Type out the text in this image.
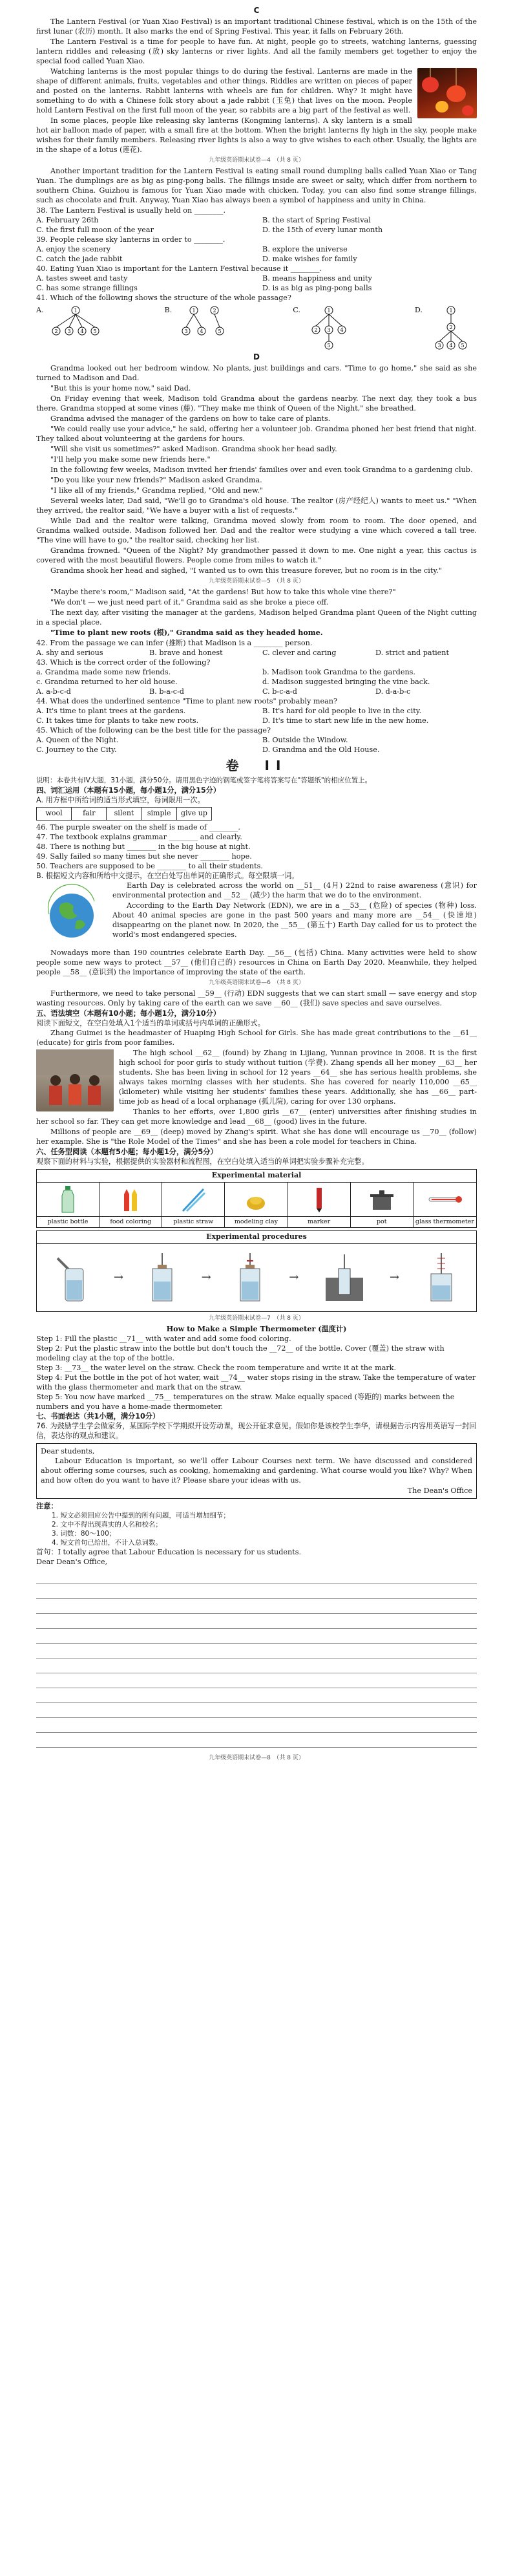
C

The Lantern Festival (or Yuan Xiao Festival) is an important traditional Chinese festival, which is on the 15th of the first lunar (农历) month. It also marks the end of Spring Festival. This year, it falls on February 26th.

The Lantern Festival is a time for people to have fun. At night, people go to streets, watching lanterns, guessing lantern riddles and releasing (放) sky lanterns or river lights. And all the family members get together to enjoy the special food called Yuan Xiao.

Watching lanterns is the most popular things to do during the festival. Lanterns are made in the shape of different animals, fruits, vegetables and other things. Riddles are written on pieces of paper and posted on the lanterns. Rabbit lanterns with wheels are fun for children. Why? It might have something to do with a Chinese folk story about a jade rabbit (玉兔) that lives on the moon. People hold Lantern Festival on the first full moon of the year, so rabbits are a big part of the festival as well.

In some places, people like releasing sky lanterns (Kongming lanterns). A sky lantern is a small hot air balloon made of paper, with a small fire at the bottom. When the bright lanterns fly high in the sky, people make wishes for their family members. Releasing river lights is also a way to give wishes to each other. Usually, the lights are in the shape of a lotus (莲花).

九年级英语期末试卷—4　（共 8 页）

Another important tradition for the Lantern Festival is eating small round dumpling balls called Yuan Xiao or Tang Yuan. The dumplings are as big as ping-pong balls. The fillings inside are sweet or salty, which differ from northern to southern China. Guizhou is famous for Yuan Xiao made with chicken. Today, you can also find some strange fillings, such as chocolate and fruit. Anyway, Yuan Xiao has always been a symbol of happiness and unity in China.

38. The Lantern Festival is usually held on ________.
A. February 26th	B. the start of Spring Festival
C. the first full moon of the year	D. the 15th of every lunar month
39. People release sky lanterns in order to ________.
A. enjoy the scenery	B. explore the universe
C. catch the jade rabbit	D. make wishes for family
40. Eating Yuan Xiao is important for the Lantern Festival because it ________.
A. tastes sweet and tasty	B. means happiness and unity
C. has some strange fillings	D. is as big as ping-pong balls
41. Which of the following shows the structure of the whole passage?
A.	1
2 3 4 5
B.	1	2
3 4	5
C.	1
2 3 4
5
D.	1
2
3 4 5
D

Grandma looked out her bedroom window. No plants, just buildings and cars. "Time to go home," she said as she turned to Madison and Dad.

"But this is your home now," said Dad.

On Friday evening that week, Madison told Grandma about the gardens nearby. The next day, they took a bus there. Grandma stopped at some vines (藤). "They make me think of Queen of the Night," she breathed.

Grandma advised the manager of the gardens on how to take care of plants.

"We could really use your advice," he said, offering her a volunteer job. Grandma phoned her best friend that night. They talked about volunteering at the gardens for hours.

"Will she visit us sometimes?" asked Madison. Grandma shook her head sadly.

"I'll help you make some new friends here."

In the following few weeks, Madison invited her friends' families over and even took Grandma to a gardening club.

"Do you like your new friends?" Madison asked Grandma.

"I like all of my friends," Grandma replied, "Old and new."

Several weeks later, Dad said, "We'll go to Grandma's old house. The realtor (房产经纪人) wants to meet us." "When they arrived, the realtor said, "We have a buyer with a list of requests."

While Dad and the realtor were talking, Grandma moved slowly from room to room. The door opened, and Grandma walked outside. Madison followed her. Dad and the realtor were studying a vine which covered a tall tree. "The vine will have to go," the realtor said, checking her list.

Grandma frowned. "Queen of the Night? My grandmother passed it down to me. One night a year, this cactus is covered with the most beautiful flowers. People come from miles to watch it."

Grandma shook her head and sighed, "I wanted us to own this treasure forever, but no room is in the city."

九年级英语期末试卷—5　（共 8 页）

"Maybe there's room," Madison said, "At the gardens! But how to take this whole vine there?"

"We don't — we just need part of it," Grandma said as she broke a piece off.

The next day, after visiting the manager at the gardens, Madison helped Grandma plant Queen of the Night cutting in a special place.

"Time to plant new roots (根)," Grandma said as they headed home.

42. From the passage we can infer (推断) that Madison is a ________ person.
A. shy and serious	B. brave and honest	C. clever and caring	D. strict and patient
43. Which is the correct order of the following?
a. Grandma made some new friends.	b. Madison took Grandma to the gardens.
c. Grandma returned to her old house.	d. Madison suggested bringing the vine back.
A. a-b-c-d	B. b-a-c-d	C. b-c-a-d	D. d-a-b-c
44. What does the underlined sentence "Time to plant new roots" probably mean?
A. It's time to plant trees at the gardens.	B. It's hard for old people to live in the city.
C. It takes time for plants to take new roots.	D. It's time to start new life in the new home.
45. Which of the following can be the best title for the passage?
A. Queen of the Night.	B. Outside the Window.
C. Journey to the City.	D. Grandma and the Old House.
卷　II

说明：本卷共有IV大题，31小题，满分50分。请用黑色字迹的钢笔或签字笔将答案写在"答题纸"的相应位置上。

四、词汇运用（本题有15小题，每小题1分，满分15分）
A. 用方框中所给词的适当形式填空，每词限用一次。
wool	fair	silent	simple	give up
46. The purple sweater on the shelf is made of ________.
47. The textbook explains grammar ________ and clearly.
48. There is nothing but ________ in the big house at night.
49. Sally failed so many times but she never ________ hope.
50. Teachers are supposed to be ________ to all their students.
B. 根据短文内容和所给中文提示，在空白处写出单词的正确形式。每空限填一词。

Earth Day is celebrated across the world on __51__ (4月) 22nd to raise awareness (意识) for environmental protection and __52__ (减少) the harm that we do to the environment.

According to the Earth Day Network (EDN), we are in a __53__ (危险) of species (物种) loss. About 40 animal species are gone in the past 500 years and many more are __54__ (快速地) disappearing on the planet now. In 2020, the __55__ (第五十) Earth Day called for us to protect the world's most endangered species.

Nowadays more than 190 countries celebrate Earth Day. __56__ (包括) China. Many activities were held to show people some new ways to protect __57__ (他们自己的) resources in China on Earth Day 2020. Meanwhile, they helped people __58__ (意识到) the importance of improving the state of the earth.

九年级英语期末试卷—6　（共 8 页）

Furthermore, we need to take personal __59__ (行动) EDN suggests that we can start small — save energy and stop wasting resources. Only by taking care of the earth can we save __60__ (我们) save species and save ourselves.

五、语法填空（本题有10小题；每小题1分，满分10分）
阅读下面短文，在空白处填入1个适当的单词或括号内单词的正确形式。

Zhang Guimei is the headmaster of Huaping High School for Girls. She has made great contributions to the __61__ (educate) for girls from poor families.

The high school __62__ (found) by Zhang in Lijiang, Yunnan province in 2008. It is the first high school for poor girls to study without tuition (学费). Zhang spends all her money __63__ her students. She has been living in school for 12 years __64__ she has serious health problems, she always takes morning classes with her students. She has covered for nearly 110,000 __65__ (kilometer) while visiting her students' families these years. Additionally, she has __66__ part-time job as head of a local orphanage (孤儿院), caring for over 130 orphans.

Thanks to her efforts, over 1,800 girls __67__ (enter) universities after finishing studies in her school so far. They can get more knowledge and lead __68__ (good) lives in the future.

Millions of people are __69__ (deep) moved by Zhang's spirit. What she has done will encourage us __70__ (follow) her example. She is "the Role Model of the Times" and she has been a role model for teachers in China.

六、任务型阅读（本题有5小题；每小题1分，满分5分）
观察下面的材料与实验，根据提供的实验器材和流程图，在空白处填入适当的单词把实验步骤补充完整。
Experimental material
plastic bottle	food coloring	plastic straw	modeling clay	marker	pot	glass thermometer
Experimental procedures
→	→	→	→
九年级英语期末试卷—7　（共 8 页）
How to Make a Simple Thermometer (温度计)
Step 1: Fill the plastic __71__ with water and add some food coloring.
Step 2: Put the plastic straw into the bottle but don't touch the __72__ of the bottle. Cover (覆盖) the straw with modeling clay at the top of the bottle.
Step 3: __73__ the water level on the straw. Check the room temperature and write it at the mark.
Step 4: Put the bottle in the pot of hot water, wait __74__ water stops rising in the straw. Take the temperature of water with the glass thermometer and mark that on the straw.
Step 5: You now have marked __75__ temperatures on the straw. Make equally spaced (等距的) marks between the numbers and you have a home-made thermometer.
七、书面表达（共1小题，满分10分）
76. 为鼓励学生学会做家务，某国际学校下学期拟开设劳动课，现公开征求意见。假如你是该校学生李华，请根据告示内容用英语写一封回信，表达你的观点和建议。
Dear students,

Labour Education is important, so we'll offer Labour Courses next term. We have discussed and considered about offering some courses, such as cooking, homemaking and gardening. What course would you like? Why? When and how often do you want to have it? Please share your ideas with us.

The Dean's Office
注意：
1. 短文必须回应公告中提到的所有问题，可适当增加细节；
2. 文中不得出现真实的人名和校名；
3. 词数：80～100；
4. 短文首句已给出，不计入总词数。
首句：I totally agree that Labour Education is necessary for us students.
Dear Dean's Office,
九年级英语期末试卷—8　（共 8 页）
